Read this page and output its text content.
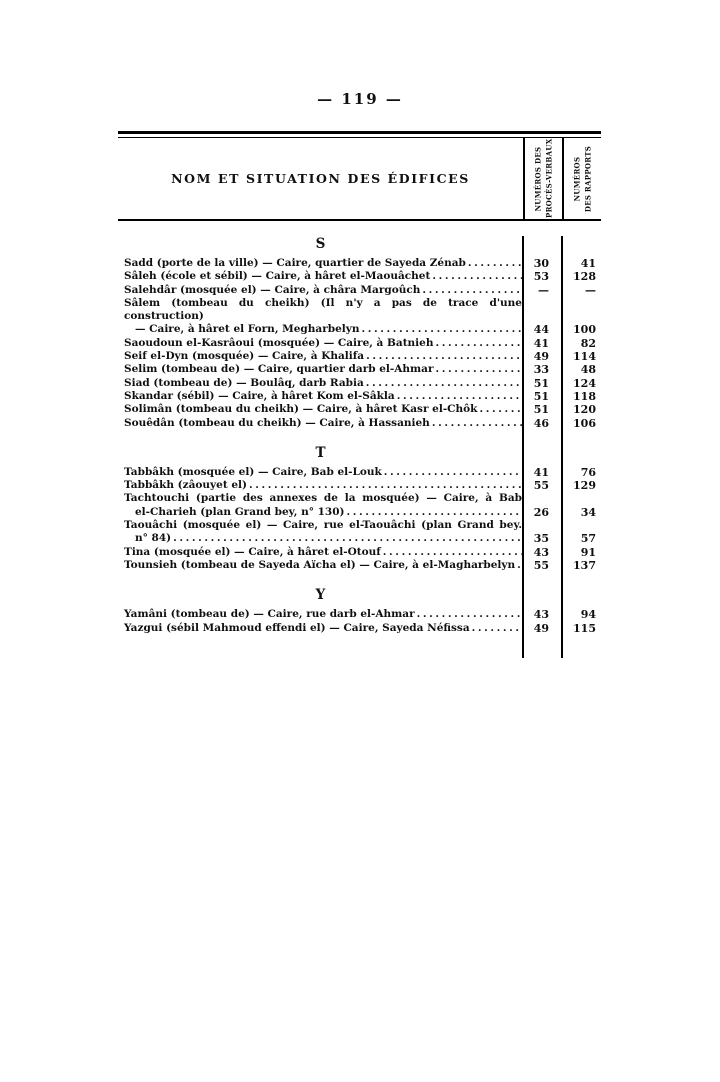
— 119 —
NOM ET SITUATION DES ÉDIFICES	NUMÉROS DES PROCÈS-VERBAUX	NUMÉROS DES RAPPORTS
S
Sadd (porte de la ville) — Caire, quartier de Sayeda Zénab .....	30	41
Sâleh (école et sébil) — Caire, à hâret el-Maouâchet .....	53	128
Salehdâr (mosquée el) — Caire, à châra Margoûch .....	—	—
Sâlem (tombeau du cheikh) (Il n'y a pas de trace d'une construction)
— Caire, à hâret el Forn, Megharbelyn .....	44	100
Saoudoun el-Kasrâoui (mosquée) — Caire, à Batnieh .....	41	82
Seif el-Dyn (mosquée) — Caire, à Khalifa .....	49	114
Selim (tombeau de) — Caire, quartier darb el-Ahmar .....	33	48
Siad (tombeau de) — Boulâq, darb Rabia .....	51	124
Skandar (sébil) — Caire, à hâret Kom el-Sâkla .....	51	118
Solimân (tombeau du cheikh) — Caire, à hâret Kasr el-Chôk .....	51	120
Souêdân (tombeau du cheikh) — Caire, à Hassanieh .....	46	106
T
Tabbâkh (mosquée el) — Caire, Bab el-Louk .....	41	76
Tabbâkh (zâouyet el) .....	55	129
Tachtouchi (partie des annexes de la mosquée) — Caire, à Bab
el-Charieh (plan Grand bey, n° 130) .....	26	34
Taouâchi (mosquée el) — Caire, rue el-Taouâchi (plan Grand bey.
n° 84) .....	35	57
Tina (mosquée el) — Caire, à hâret el-Otouf .....	43	91
Tounsieh (tombeau de Sayeda Aïcha el) — Caire, à el-Magharbelyn .....	55	137
Y
Yamâni (tombeau de) — Caire, rue darb el-Ahmar .....	43	94
Yazgui (sébil Mahmoud effendi el) — Caire, Sayeda Néfissa .....	49	115
